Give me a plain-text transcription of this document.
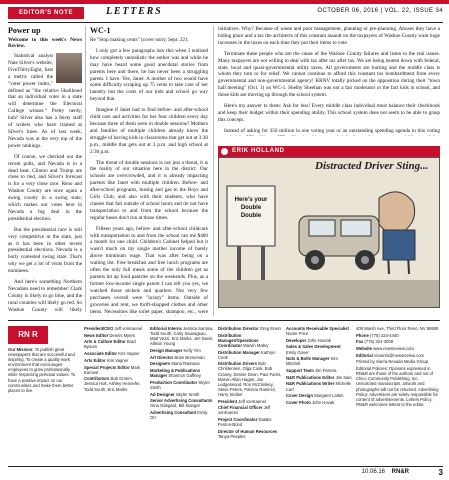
EDITOR'S NOTE	LETTERS	OCTOBER 06, 2016 | VOL. 22, ISSUE 34
Power up

Welcome to this week's News Review.

Statistical analyst Nate Silver's website, FiveThirtyEight, lists a metric called the "voter power index," defined as "the relative likelihood that an individual voter in a state will determine the Electoral College winner." Pretty nerdy, huh? Silver also has a feisty staff of writers who have trained at Silver's knee. As of last week, Nevada was at the very top of the power rankings.

Of course, we checked out the recent polls, and Nevada is in a dead heat. Clinton and Trump are close to tied, and Silver's forecast is for a very close race. Reno and Washoe County are once again a swing county in a swing state, which makes our votes here in Nevada a big deal in the presidential election.

But the presidential race is still very competitive in the state, just as it has been in other recent presidential elections. Nevada is a hotly contested swing state. That's why we get a lot of visits from the nominees.

And here's something Northern Nevadans need to remember: Clark County is likely to go blue, and the rural counties will likely go red. So Washoe County will likely

WC-1

Re "Stop making cents" (cover story, Sept. 22):

I only got a few paragraphs into this when I realized how completely unrealistic the author was and while he may have heard some good anecdotal stories from parents here and there, he has never been a struggling parent. I have. Yes, Janet. A mother of two would have some difficulty scraping up 75 cents to take care of her laundry but the costs of our kids and school go way beyond that.

Imagine if Janet had to find before- and after-school child care and activities for her four children every day because three of them were in double sessions? Mothers and families of multiple children already know the struggle of having kids in classrooms that get out at 3:30 p.m., middle that gets out at 3 p.m. and high school at 2:30 p.m.

The threat of double sessions is not just a threat, it is the reality of our situation here in the district. Our schools are overcrowded, and it is already impacting parents like Janet with multiple children. Before- and after-school programs, busing and gas to the Boys and Girls Club, and also with their students, who have classes that fall outside of school hours and do not have transportation to and from the school because the regular buses don't run at those times.

Fifteen years ago, before- and after-school childcare with transportation to and from the school ran me $400 a month for one child. Children's Cabinet helped but it wasn't much on my single mother income of barely above minimum wage. That was after being on a waiting list. Free breakfast and free lunch programs are often the only full meals some of the children get as parents hit up food pantries on the weekends. Plus, as a former low-income single parent I can tell you yes, we watched those nickels and quarters. Not very few purchases overall were "luxury" items. Outside of groceries and rent, we thrift-shopped clothes and other items. Necessities like toilet paper, shampoo, etc., were

initiatives. Why? Because of waste and poor management, planning or pre-planning. Abuses they have a hiding place and a tax the architects of this constant assault on the taxpayers of Washoe County want huge increases in the taxes on each time they put their items to vote.

Terminate these people who are the cause of the Washoe County failures and listen to the real issues. Many taxpayers are not willing to deal with tax after tax after tax. We are being beaten down with federal, state, local and quasi-governmental utility taxes. All governments are hurting and the middle class is whom they turn to for relief. We cannot continue to afford this constant tax bombardment from every governmental and non-governmental agency! KRNV totally picked on the opposition during their "town hall meeting" (Oct. 1) on WC-1. Shelby Sheehan was not a fair moderator or the fact kids in school, and those kids are moving up through the school system.

Here's my answer to them: Ask for less! Every middle class individual must balance their checkbook and keep their budget within their spending ability. This school system does not seem to be able to grasp this concept.

Instead of asking for 350 million in one voting year or an outstanding spending agenda in this voting

ERIK HOLLAND
Distracted Driver Sting...
Here's your Double Double
RN R
Our Mission: To publish great newspapers that are successful and inspiring. To create a quality work environment that encourages employees to grow professionally while respecting personal values. To have a positive impact on our communities and make them better places to live.
President/CEO Jeff vonKaenel
News Editor Dennis Myers
Arts & Culture Editor Brad Bynum
Associate Editor Kris Vagner
Arts Editor Kris Vagner
Special Projects Editor Mark Earnest
Contributors Bob Grimm, Jessica Holt, Ashley Hennefer, Todd South, Eric Marks
Editorial Interns Jessica Santina, Todd South, Carly Sauvageau, Matt Vezzi, Eric Marks, Jeri Davis, Allison Young
Design Manager Kelly Yim
Art Director Brian Breneman
Designers Maria Ratinova
Marketing & Publications Manager Shannon Gaffney
Production Coordinator Skyler Smith
Ad Designer Skyler Smith
Senior Advertising Consultants Gina Odegard, Bill Stanger
Advertising Consultant Emily Orr
Distribution Director Greg Erwin
Distribution Manager/Operations Coordinator Marvin Mabry
Distribution Manager Kathryn Cook
Distribution Drivers Bob Christensen, Olga Cook, Bob Craney, Denise Dean, Paul Farris, Marvin Allan Hagan, Joe Ledgerwood, Ron McCloskey, Steve Peters, Patricia Ramirez, Harry Stoiber
President Jeff vonKaenel
Chief Financial Officer Jeff vonKaenel
Project Coordinator Natalie Fenton-Bond
Director of Human Resources Tanya Peeples
Accounts Receivable Specialist Nicole Price
Developer John Hovrak
Sales & Sales Development Emily Gover
Nuts & Bolts Manager Kim Mitchell
Support Team Jim Farrera
N&R Publications Editor Jim Sain
N&R Publications Writer Michelle Carl
Cover Design Margaret Larkin
Cover Photo John Hovak
405 Marsh Ave, Third Floor Reno, NV 89509
Phone (775) 324-4440
Fax (775) 324-3008
Website www.newsreview.com
Editorial renoinfo@newsreview.com
Printed by Sierra Nevada Media Group
Editorial Policies: Opinions expressed in RN&R are those of the authors and not of Chico Community Publishing, Inc. Unsolicited manuscripts, artwork and photographs will not be returned. Advertising Policy: Advertisers are solely responsible for content of advertisements. Letters Policy: RN&R welcomes letters to the editor.
RN&R
10.06.16	3
